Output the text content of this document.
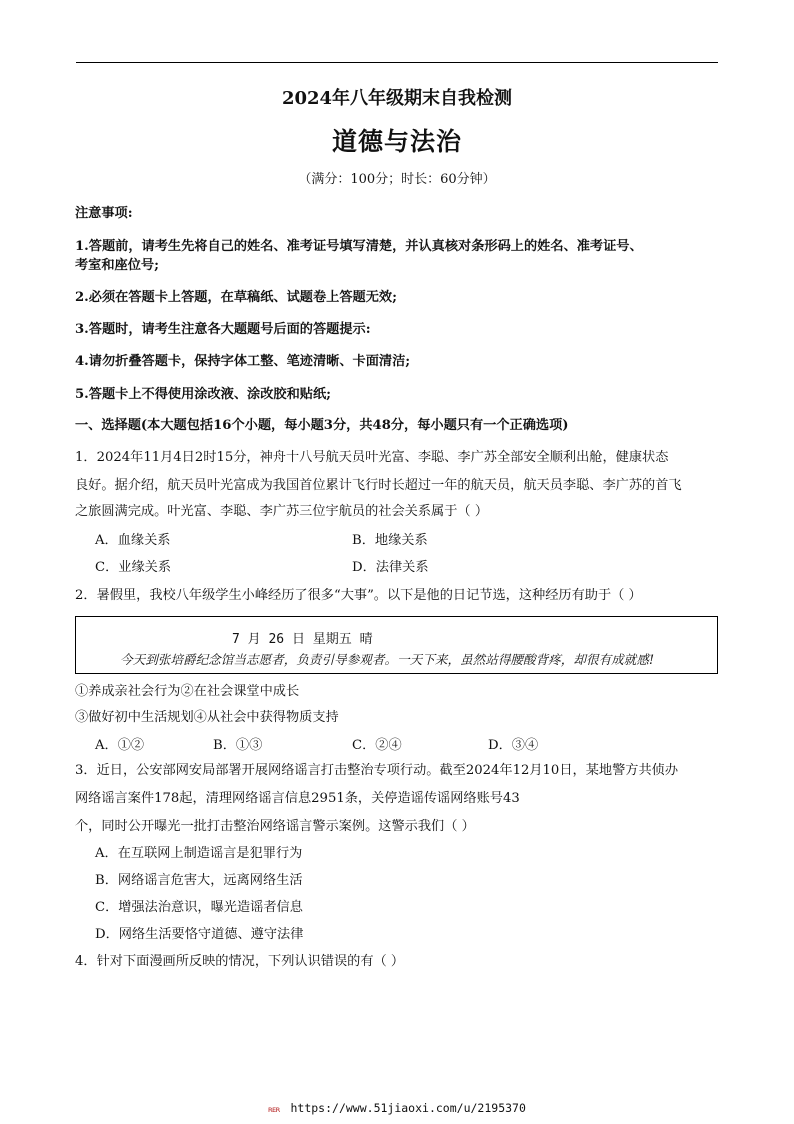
2024年八年级期末自我检测
道德与法治
（满分：100分；时长：60分钟）
注意事项:
1.答题前，请考生先将自己的姓名、准考证号填写清楚，并认真核对条形码上的姓名、准考证号、
考室和座位号;
2.必须在答题卡上答题，在草稿纸、试题卷上答题无效;
3.答题时，请考生注意各大题题号后面的答题提示:
4.请勿折叠答题卡，保持字体工整、笔迹清晰、卡面清洁;
5.答题卡上不得使用涂改液、涂改胶和贴纸;
一、选择题(本大题包括16个小题，每小题3分，共48分，每小题只有一个正确选项)
1．2024年11月4日2时15分，神舟十八号航天员叶光富、李聪、李广苏全部安全顺利出舱，健康状态
良好。据介绍，航天员叶光富成为我国首位累计飞行时长超过一年的航天员，航天员李聪、李广苏的首飞
之旅圆满完成。叶光富、李聪、李广苏三位宇航员的社会关系属于（ ）
A．血缘关系	B．地缘关系
C．业缘关系	D．法律关系
2．暑假里，我校八年级学生小峰经历了很多“大事”。以下是他的日记节选，这种经历有助于（ ）
7 月 26 日 星期五 晴
今天到张培爵纪念馆当志愿者，负责引导参观者。一天下来，虽然站得腰酸背疼，却很有成就感!
①养成亲社会行为②在社会课堂中成长
③做好初中生活规划④从社会中获得物质支持
A．①②	B．①③	C．②④	D．③④
3．近日，公安部网安局部署开展网络谣言打击整治专项行动。截至2024年12月10日，某地警方共侦办
网络谣言案件178起，清理网络谣言信息2951条，关停造谣传谣网络账号43
个，同时公开曝光一批打击整治网络谣言警示案例。这警示我们（ ）
A．在互联网上制造谣言是犯罪行为
B．网络谣言危害大，远离网络生活
C．增强法治意识，曝光造谣者信息
D．网络生活要恪守道德、遵守法律
4．针对下面漫画所反映的情况，下列认识错误的有（ ）
ʀᴇʀ https://www.51jiaoxi.com/u/2195370
